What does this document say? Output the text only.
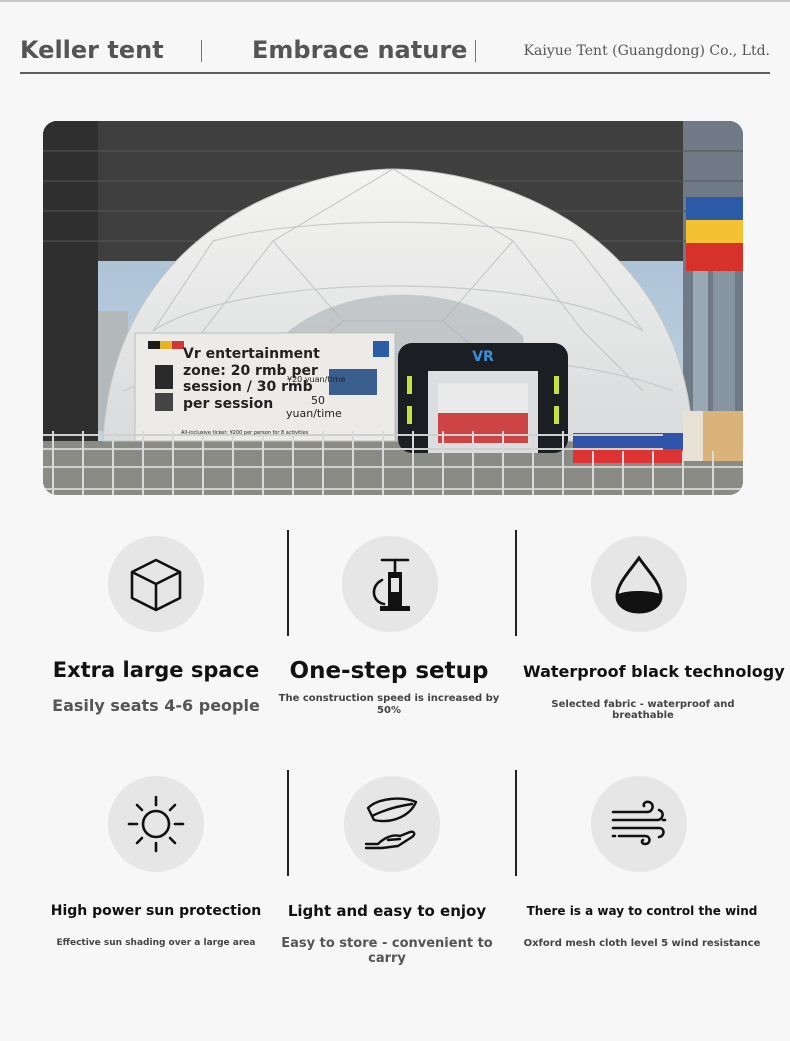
Keller tent	Embrace nature	Kaiyue Tent (Guangdong) Co., Ltd.
VR
Vr entertainment
zone: 20 rmb per
session / 30 rmb
per session
¥20 yuan/time
50
yuan/time
All-inclusive ticket: ¥200 per person for 8 activities
Extra large space
Easily seats 4-6 people
One-step setup
The construction speed is increased by 50%
Waterproof black technology
Selected fabric - waterproof and breathable
High power sun protection
Effective sun shading over a large area
Light and easy to enjoy
Easy to store - convenient to carry
There is a way to control the wind
Oxford mesh cloth level 5 wind resistance
